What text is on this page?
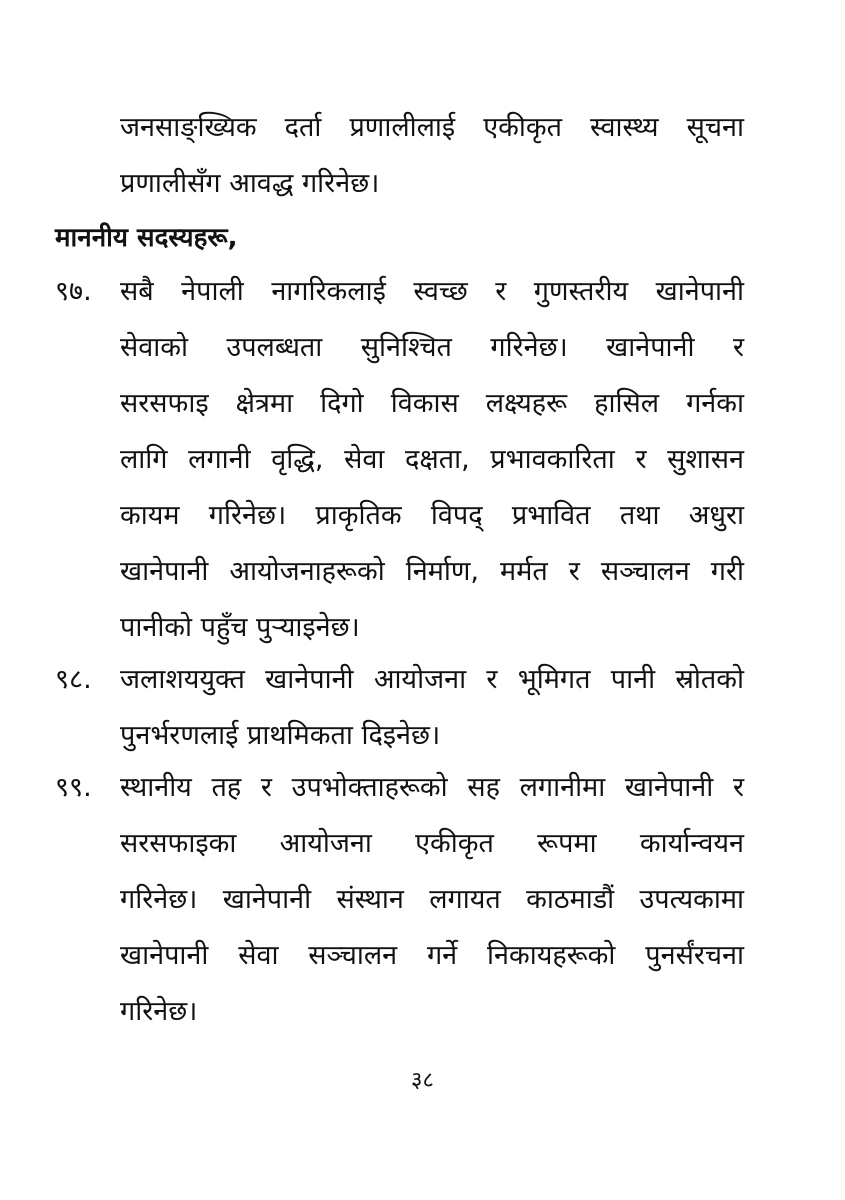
जनसाङ्ख्यिक दर्ता प्रणालीलाई एकीकृत स्वास्थ्य सूचना
प्रणालीसँग आवद्ध गरिनेछ।
माननीय सदस्यहरू,
९७.	सबै नेपाली नागरिकलाई स्वच्छ र गुणस्तरीय खानेपानी
सेवाको उपलब्धता सुनिश्चित गरिनेछ। खानेपानी र
सरसफाइ क्षेत्रमा दिगो विकास लक्ष्यहरू हासिल गर्नका
लागि लगानी वृद्धि, सेवा दक्षता, प्रभावकारिता र सुशासन
कायम गरिनेछ। प्राकृतिक विपद् प्रभावित तथा अधुरा
खानेपानी आयोजनाहरूको निर्माण, मर्मत र सञ्चालन गरी
पानीको पहुँच पुऱ्याइनेछ।
९८.	जलाशययुक्त खानेपानी आयोजना र भूमिगत पानी स्रोतको
पुनर्भरणलाई प्राथमिकता दिइनेछ।
९९.	स्थानीय तह र उपभोक्ताहरूको सह लगानीमा खानेपानी र
सरसफाइका आयोजना एकीकृत रूपमा कार्यान्वयन
गरिनेछ। खानेपानी संस्थान लगायत काठमाडौं उपत्यकामा
खानेपानी सेवा सञ्चालन गर्ने निकायहरूको पुनर्संरचना
गरिनेछ।
३८
